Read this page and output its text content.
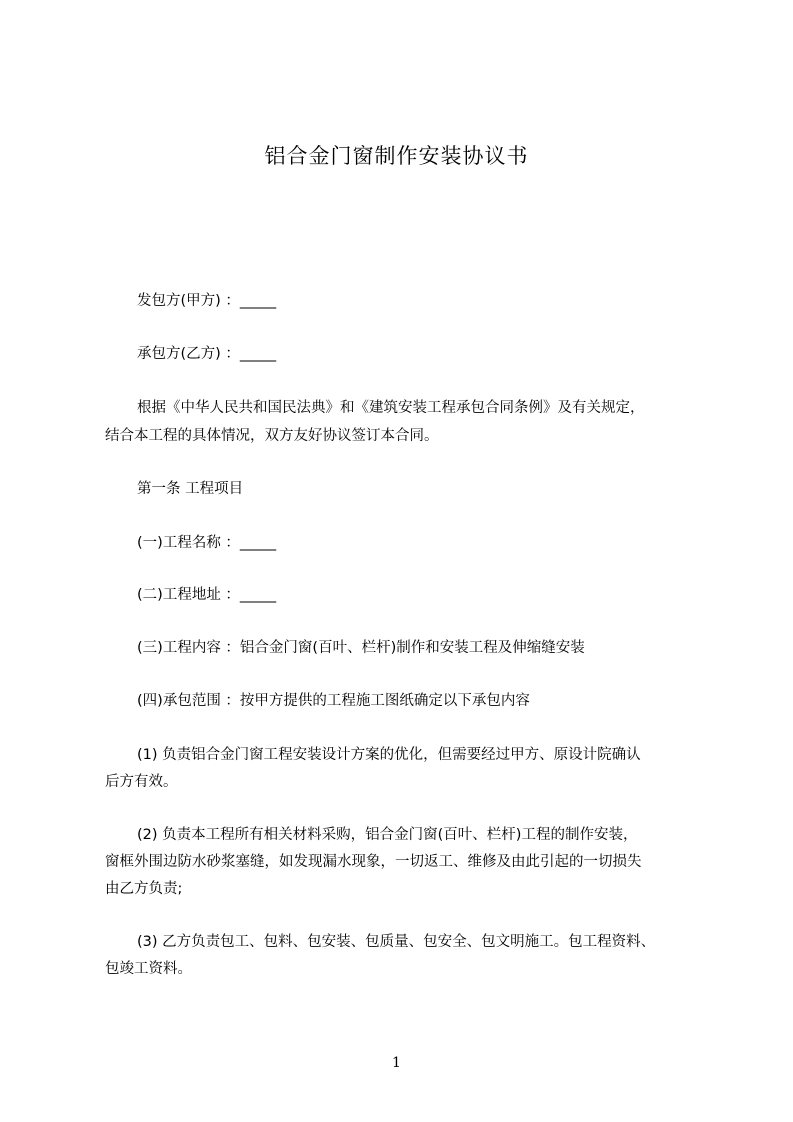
铝合金门窗制作安装协议书
发包方(甲方) ：_____
承包方(乙方) ：_____
根据《中华人民共和国民法典》和《建筑安装工程承包合同条例》及有关规定，
结合本工程的具体情况，双方友好协议签订本合同。
第一条 工程项目
(一)工程名称 ：_____
(二)工程地址 ：_____
(三)工程内容 ：铝合金门窗(百叶、栏杆)制作和安装工程及伸缩缝安装
(四)承包范围 ：按甲方提供的工程施工图纸确定以下承包内容
(1) 负责铝合金门窗工程安装设计方案的优化，但需要经过甲方、原设计院确认
后方有效。
(2) 负责本工程所有相关材料采购，铝合金门窗(百叶、栏杆)工程的制作安装，
窗框外围边防水砂浆塞缝，如发现漏水现象，一切返工、维修及由此引起的一切损失
由乙方负责;
(3) 乙方负责包工、包料、包安装、包质量、包安全、包文明施工。包工程资料、
包竣工资料。
1
